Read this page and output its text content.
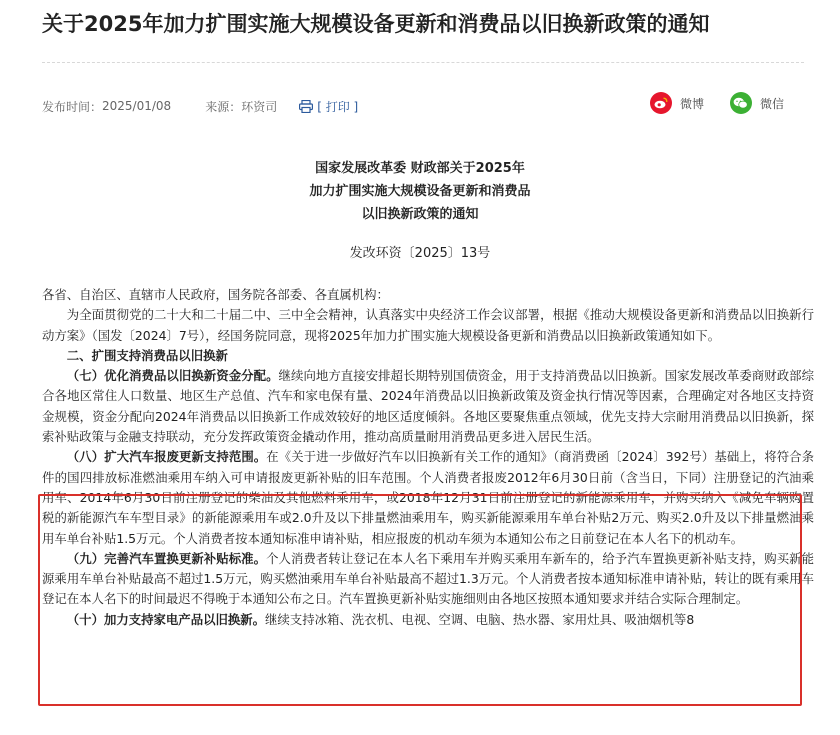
关于2025年加力扩围实施大规模设备更新和消费品以旧换新政策的通知
发布时间： 2025/01/08	来源： 环资司	[ 打印 ]	微博	微信
国家发展改革委 财政部关于2025年
加力扩围实施大规模设备更新和消费品
以旧换新政策的通知
发改环资〔2025〕13号

各省、自治区、直辖市人民政府，国务院各部委、各直属机构：

为全面贯彻党的二十大和二十届二中、三中全会精神，认真落实中央经济工作会议部署，根据《推动大规模设备更新和消费品以旧换新行动方案》（国发〔2024〕7号），经国务院同意，现将2025年加力扩围实施大规模设备更新和消费品以旧换新政策通知如下。

二、扩围支持消费品以旧换新

（七）优化消费品以旧换新资金分配。继续向地方直接安排超长期特别国债资金，用于支持消费品以旧换新。国家发展改革委商财政部综合各地区常住人口数量、地区生产总值、汽车和家电保有量、2024年消费品以旧换新政策及资金执行情况等因素，合理确定对各地区支持资金规模，资金分配向2024年消费品以旧换新工作成效较好的地区适度倾斜。各地区要聚焦重点领域，优先支持大宗耐用消费品以旧换新，探索补贴政策与金融支持联动，充分发挥政策资金撬动作用，推动高质量耐用消费品更多进入居民生活。

（八）扩大汽车报废更新支持范围。在《关于进一步做好汽车以旧换新有关工作的通知》（商消费函〔2024〕392号）基础上，将符合条件的国四排放标准燃油乘用车纳入可申请报废更新补贴的旧车范围。个人消费者报废2012年6月30日前（含当日，下同）注册登记的汽油乘用车、2014年6月30日前注册登记的柴油及其他燃料乘用车，或2018年12月31日前注册登记的新能源乘用车，并购买纳入《减免车辆购置税的新能源汽车车型目录》的新能源乘用车或2.0升及以下排量燃油乘用车，购买新能源乘用车单台补贴2万元、购买2.0升及以下排量燃油乘用车单台补贴1.5万元。个人消费者按本通知标准申请补贴，相应报废的机动车须为本通知公布之日前登记在本人名下的机动车。

（九）完善汽车置换更新补贴标准。个人消费者转让登记在本人名下乘用车并购买乘用车新车的，给予汽车置换更新补贴支持，购买新能源乘用车单台补贴最高不超过1.5万元，购买燃油乘用车单台补贴最高不超过1.3万元。个人消费者按本通知标准申请补贴，转让的既有乘用车登记在本人名下的时间最迟不得晚于本通知公布之日。汽车置换更新补贴实施细则由各地区按照本通知要求并结合实际合理制定。

（十）加力支持家电产品以旧换新。继续支持冰箱、洗衣机、电视、空调、电脑、热水器、家用灶具、吸油烟机等8
